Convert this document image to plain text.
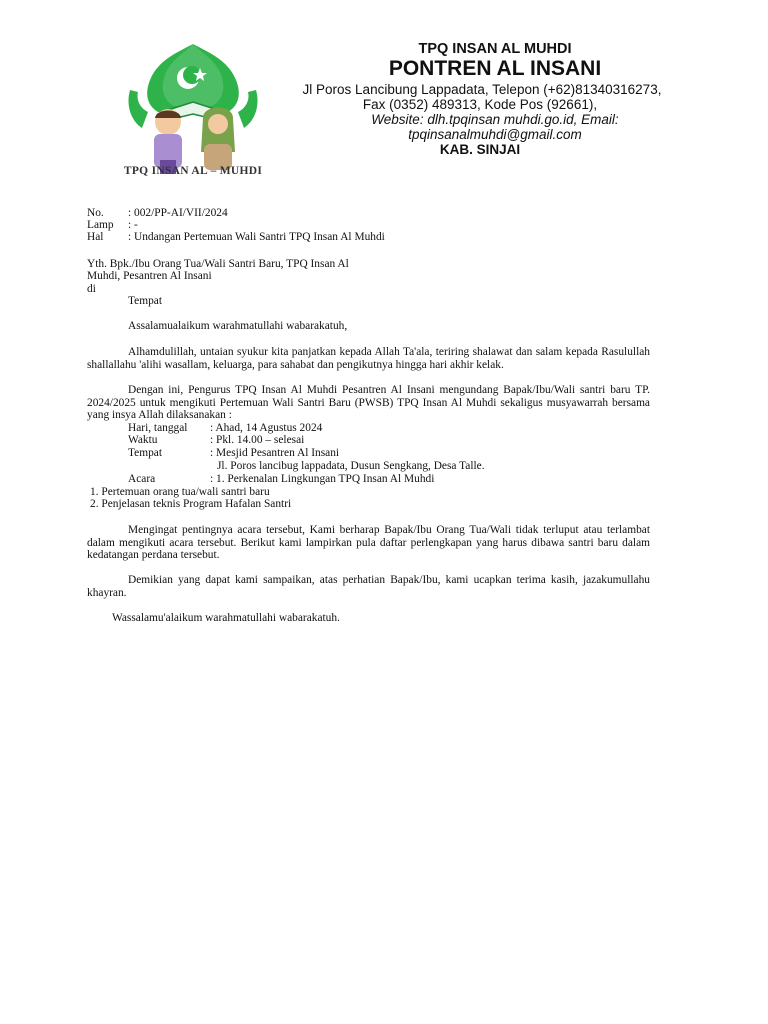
TPQ INSAN AL – MUHDI
TPQ INSAN AL MUHDI
PONTREN AL INSANI
Jl Poros Lancibung Lappadata, Telepon (+62)81340316273,
Fax (0352) 489313, Kode Pos (92661),
Website: dlh.tpqinsan muhdi.go.id, Email:
tpqinsanalmuhdi@gmail.com
KAB. SINJAI
No. : 002/PP-AI/VII/2024
Lamp : -
Hal : Undangan Pertemuan Wali Santri TPQ Insan Al Muhdi
Yth. Bpk./Ibu Orang Tua/Wali Santri Baru, TPQ Insan Al
Muhdi, Pesantren Al Insani
di
Tempat
Assalamualaikum warahmatullahi wabarakatuh,
Alhamdulillah, untaian syukur kita panjatkan kepada Allah Ta'ala, teriring shalawat dan salam kepada Rasulullah shallallahu 'alihi wasallam, keluarga, para sahabat dan pengikutnya hingga hari akhir kelak.
Dengan ini, Pengurus TPQ Insan Al Muhdi Pesantren Al Insani mengundang Bapak/Ibu/Wali santri baru TP. 2024/2025 untuk mengikuti Pertemuan Wali Santri Baru (PWSB) TPQ Insan Al Muhdi sekaligus musyawarrah bersama yang insya Allah dilaksanakan :
Hari, tanggal : Ahad, 14 Agustus 2024
Waktu	: Pkl. 14.00 – selesai
Tempat	: Mesjid Pesantren Al Insani
Jl. Poros lancibug lappadata, Dusun Sengkang, Desa Talle.
Acara	: 1. Perkenalan Lingkungan TPQ Insan Al Muhdi
1. Pertemuan orang tua/wali santri baru
2. Penjelasan teknis Program Hafalan Santri
Mengingat pentingnya acara tersebut, Kami berharap Bapak/Ibu Orang Tua/Wali tidak terluput atau terlambat dalam mengikuti acara tersebut. Berikut kami lampirkan pula daftar perlengkapan yang harus dibawa santri baru dalam kedatangan perdana tersebut.
Demikian yang dapat kami sampaikan, atas perhatian Bapak/Ibu, kami ucapkan terima kasih, jazakumullahu khayran.
Wassalamu'alaikum warahmatullahi wabarakatuh.
